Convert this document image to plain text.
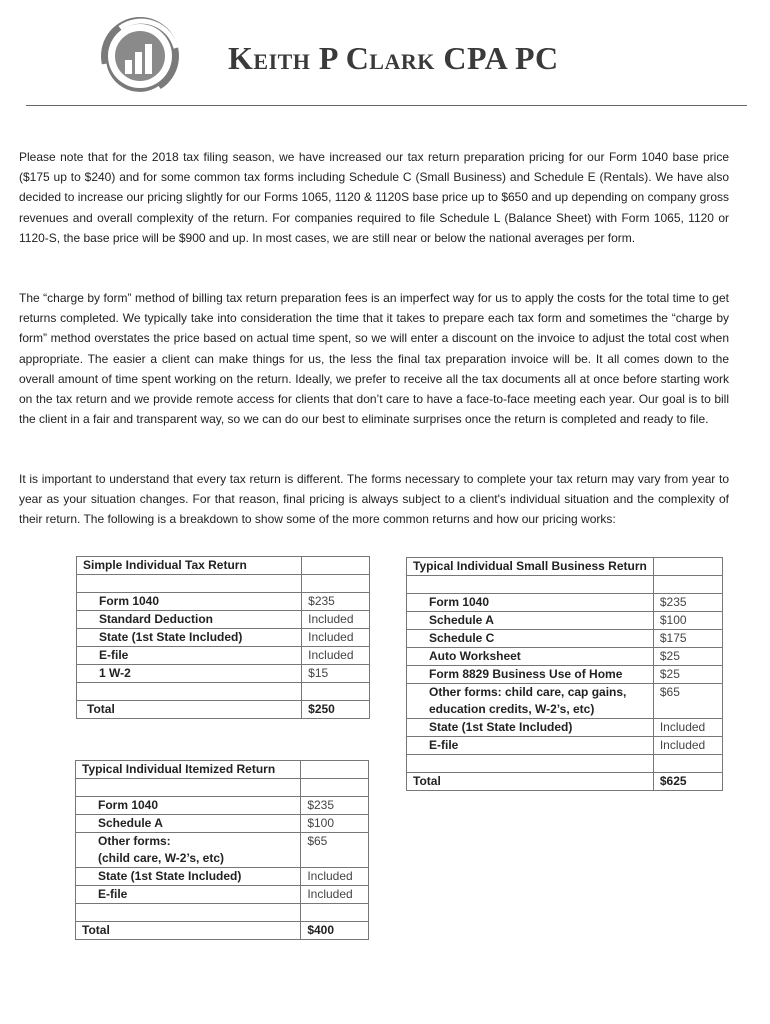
Keith P Clark CPA PC

Please note that for the 2018 tax filing season, we have increased our tax return preparation pricing for our Form 1040 base price ($175 up to $240) and for some common tax forms including Schedule C (Small Business) and Schedule E (Rentals). We have also decided to increase our pricing slightly for our Forms 1065, 1120 & 1120S base price up to $650 and up depending on company gross revenues and overall complexity of the return. For companies required to file Schedule L (Balance Sheet) with Form 1065, 1120 or 1120-S, the base price will be $900 and up. In most cases, we are still near or below the national averages per form.

The “charge by form” method of billing tax return preparation fees is an imperfect way for us to apply the costs for the total time to get returns completed. We typically take into consideration the time that it takes to prepare each tax form and sometimes the “charge by form” method overstates the price based on actual time spent, so we will enter a discount on the invoice to adjust the total cost when appropriate. The easier a client can make things for us, the less the final tax preparation invoice will be. It all comes down to the overall amount of time spent working on the return. Ideally, we prefer to receive all the tax documents all at once before starting work on the tax return and we provide remote access for clients that don’t care to have a face-to-face meeting each year. Our goal is to bill the client in a fair and transparent way, so we can do our best to eliminate surprises once the return is completed and ready to file.

It is important to understand that every tax return is different. The forms necessary to complete your tax return may vary from year to year as your situation changes. For that reason, final pricing is always subject to a client's individual situation and the complexity of their return. The following is a breakdown to show some of the more common returns and how our pricing works:

Simple Individual Tax Return	

Form 1040	$235
Standard Deduction	Included
State (1st State Included)	Included
E-file	Included
1 W-2	$15

Total	$250
Typical Individual Itemized Return	

Form 1040	$235
Schedule A	$100
Other forms:
(child care, W-2’s, etc)	$65
State (1st State Included)	Included
E-file	Included

Total	$400
Typical Individual Small Business Return	

Form 1040	$235
Schedule A	$100
Schedule C	$175
Auto Worksheet	$25
Form 8829 Business Use of Home	$25
Other forms: child care, cap gains,
education credits, W-2’s, etc)	$65
State (1st State Included)	Included
E-file	Included

Total	$625
